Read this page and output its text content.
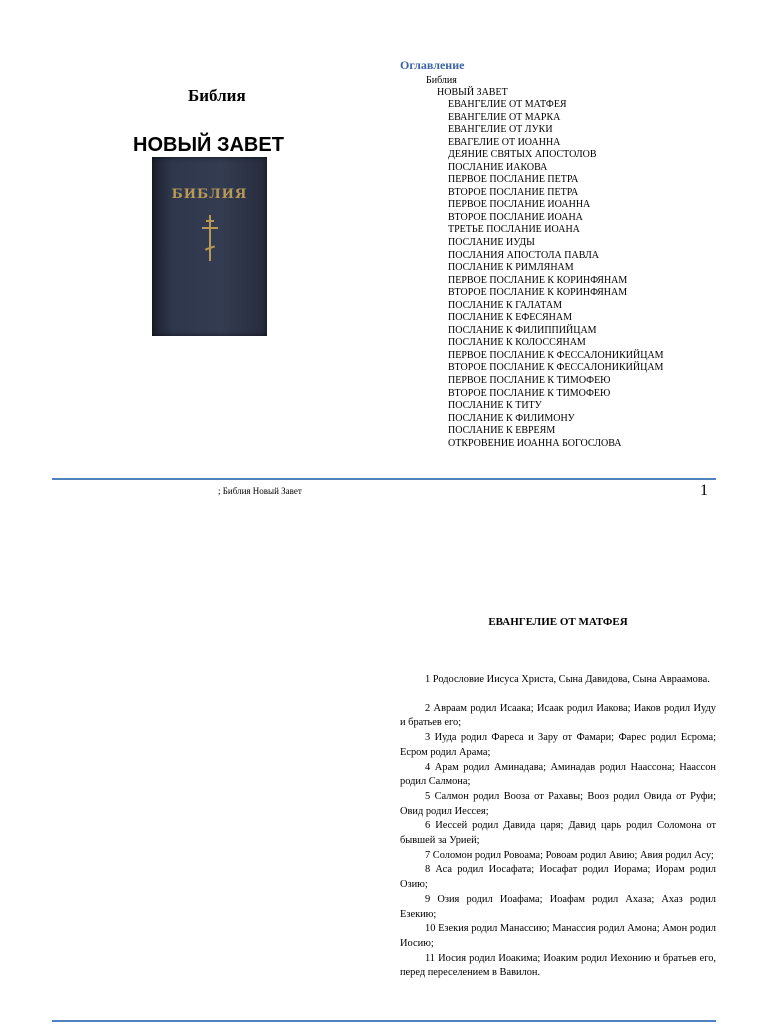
Библия
НОВЫЙ ЗАВЕТ
БИБЛИЯ
Оглавление
Библия
НОВЫЙ ЗАВЕТ
ЕВАНГЕЛИЕ ОТ МАТФЕЯ
ЕВАНГЕЛИЕ ОТ МАРКА
ЕВАНГЕЛИЕ ОТ ЛУКИ
ЕВАГЕЛИЕ ОТ ИОАННА
ДЕЯНИЕ СВЯТЫХ АПОСТОЛОВ
ПОСЛАНИЕ ИАКОВА
ПЕРВОЕ ПОСЛАНИЕ ПЕТРА
ВТОРОЕ ПОСЛАНИЕ ПЕТРА
ПЕРВОЕ ПОСЛАНИЕ ИОАННА
ВТОРОЕ ПОСЛАНИЕ ИОАНА
ТРЕТЬЕ ПОСЛАНИЕ ИОАНА
ПОСЛАНИЕ ИУДЫ
ПОСЛАНИЯ АПОСТОЛА ПАВЛА
ПОСЛАНИЕ К РИМЛЯНАМ
ПЕРВОЕ ПОСЛАНИЕ К КОРИНФЯНАМ
ВТОРОЕ ПОСЛАНИЕ К КОРИНФЯНАМ
ПОСЛАНИЕ К ГАЛАТАМ
ПОСЛАНИЕ К ЕФЕСЯНАМ
ПОСЛАНИЕ К ФИЛИППИЙЦАМ
ПОСЛАНИЕ К КОЛОССЯНАМ
ПЕРВОЕ ПОСЛАНИЕ К ФЕССАЛОНИКИЙЦАМ
ВТОРОЕ ПОСЛАНИЕ К ФЕССАЛОНИКИЙЦАМ
ПЕРВОЕ ПОСЛАНИЕ К ТИМОФЕЮ
ВТОРОЕ ПОСЛАНИЕ К ТИМОФЕЮ
ПОСЛАНИЕ К ТИТУ
ПОСЛАНИЕ К ФИЛИМОНУ
ПОСЛАНИЕ К ЕВРЕЯМ
ОТКРОВЕНИЕ ИОАННА БОГОСЛОВА
; Библия Новый Завет	1
ЕВАНГЕЛИЕ ОТ МАТФЕЯ
1 Родословие Иисуса Христа, Сына Давидова, Сына Авраамова.
2 Авраам родил Исаака; Исаак родил Иакова; Иаков родил Иуду и братьев его;
3 Иуда родил Фареса и Зару от Фамари; Фарес родил Есрома; Есром родил Арама;
4 Арам родил Аминадава; Аминадав родил Наассона; Наассон родил Салмона;
5 Салмон родил Вооза от Рахавы; Вооз родил Овида от Руфи; Овид родил Иессея;
6 Иессей родил Давида царя; Давид царь родил Соломона от бывшей за Урией;
7 Соломон родил Ровоама; Ровоам родил Авию; Авия родил Асу;
8 Аса родил Иосафата; Иосафат родил Иорама; Иорам родил Озию;
9 Озия родил Иоафама; Иоафам родил Ахаза; Ахаз родил Езекию;
10 Езекия родил Манассию; Манассия родил Амона; Амон родил Иосию;
11 Иосия родил Иоакима; Иоаким родил Иехонию и братьев его, перед переселением в Вавилон.
